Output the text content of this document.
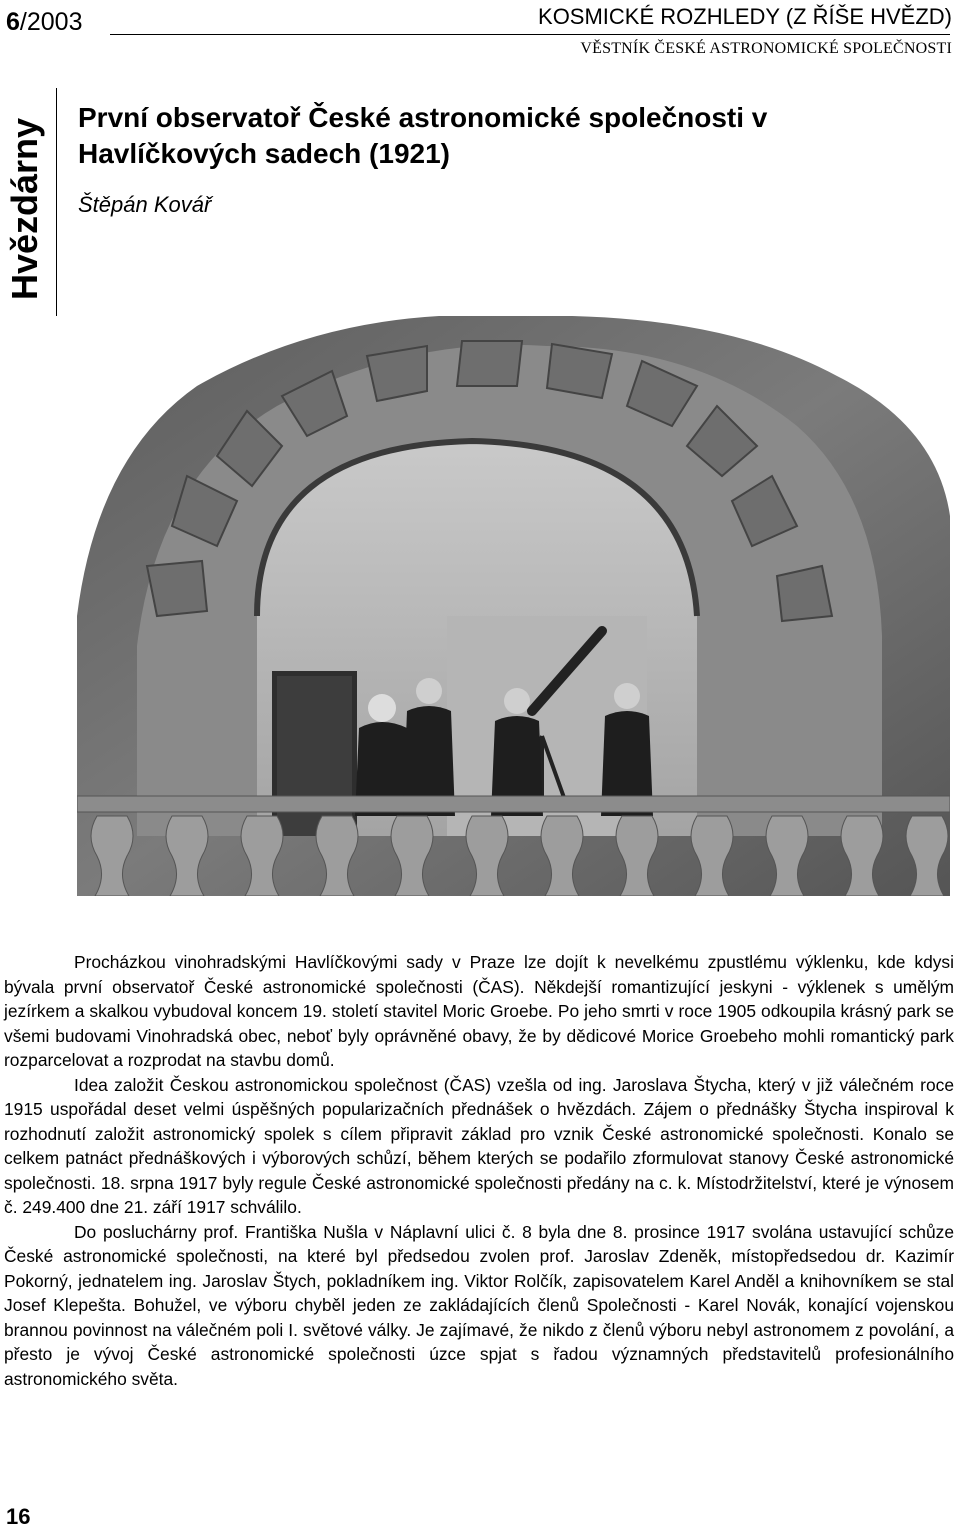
6/2003	KOSMICKÉ ROZHLEDY (Z ŘÍŠE HVĚZD)
VĚSTNÍK ČESKÉ ASTRONOMICKÉ SPOLEČNOSTI
Hvězdárny
První observatoř České astronomické společnosti v Havlíčkových sadech (1921)
Štěpán Kovář

Procházkou vinohradskými Havlíčkovými sady v Praze lze dojít k nevelkému zpustlému výklenku, kde kdysi bývala první observatoř České astronomické společnosti (ČAS). Někdejší romantizující jeskyni - výklenek s umělým jezírkem a skalkou vybudoval koncem 19. století stavitel Moric Groebe. Po jeho smrti v roce 1905 odkoupila krásný park se všemi budovami Vinohradská obec, neboť byly oprávněné obavy, že by dědicové Morice Groebeho mohli romantický park rozparcelovat a rozprodat na stavbu domů.

Idea založit Českou astronomickou společnost (ČAS) vzešla od ing. Jaroslava Štycha, který v již válečném roce 1915 uspořádal deset velmi úspěšných popularizačních přednášek o hvězdách. Zájem o přednášky Štycha inspiroval k rozhodnutí založit astronomický spolek s cílem připravit základ pro vznik České astronomické společnosti. Konalo se celkem patnáct přednáškových i výborových schůzí, během kterých se podařilo zformulovat stanovy České astronomické společnosti. 18. srpna 1917 byly regule České astronomické společnosti předány na c. k. Místodržitelství, které je výnosem č. 249.400 dne 21. září 1917 schválilo.

Do posluchárny prof. Františka Nušla v Náplavní ulici č. 8 byla dne 8. prosince 1917 svolána ustavující schůze České astronomické společnosti, na které byl předsedou zvolen prof. Jaroslav Zdeněk, místopředsedou dr. Kazimír Pokorný, jednatelem ing. Jaroslav Štych, pokladníkem ing. Viktor Rolčík, zapisovatelem Karel Anděl a knihovníkem se stal Josef Klepešta. Bohužel, ve výboru chyběl jeden ze zakládajících členů Společnosti - Karel Novák, konající vojenskou brannou povinnost na válečném poli I. světové války. Je zajímavé, že nikdo z členů výboru nebyl astronomem z povolání, a přesto je vývoj České astronomické společnosti úzce spjat s řadou významných představitelů profesionálního astronomického světa.

16
